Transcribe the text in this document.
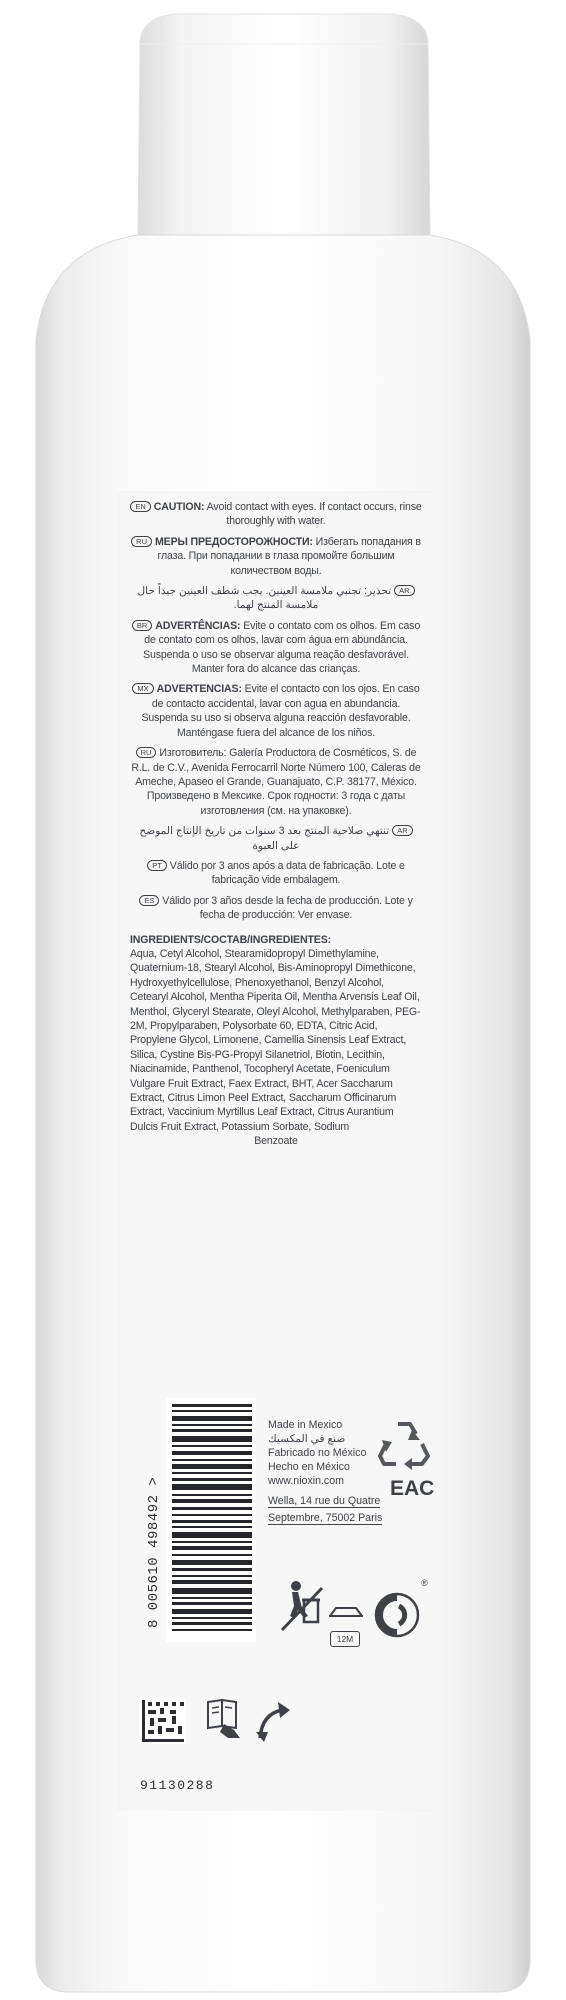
EN CAUTION: Avoid contact with eyes. If contact occurs, rinse thoroughly with water.

RU МЕРЫ ПРЕДОСТОРОЖНОСТИ: Избегать попадания в глаза. При попадании в глаза промойте большим количеством воды.

ARتحذير: تجنبي ملامسة العينين. يجب شطف العينين جيداً حال ملامسة المنتج لهما.

BR ADVERTÊNCIAS: Evite o contato com os olhos. Em caso de contato com os olhos, lavar com água em abundância. Suspenda o uso se observar alguma reação desfavorável. Manter fora do alcance das crianças.

MX ADVERTENCIAS: Evite el contacto con los ojos. En caso de contacto accidental, lavar con agua en abundancia. Suspenda su uso si observa alguna reacción desfavorable. Manténgase fuera del alcance de los niños.

RU Изготовитель: Galería Productora de Cosméticos, S. de R.L. de C.V., Avenida Ferrocarril Norte Número 100, Caleras de Ameche, Apaseo el Grande, Guanajuato, C.P. 38177, México. Произведено в Мексике. Срок годности: 3 года с даты изготовления (см. на упаковке).

ARتنتهي صلاحية المنتج بعد 3 سنوات من تاريخ الإنتاج الموضح على العبوة

PT Válido por 3 anos após a data de fabricação. Lote e fabricação vide embalagem.

ES Válido por 3 años desde la fecha de producción. Lote y fecha de producción: Ver envase.

INGREDIENTS/COCTAB/INGREDIENTES:
Aqua, Cetyl Alcohol, Stearamidopropyl Dimethylamine, Quaternium-18, Stearyl Alcohol, Bis-Aminopropyl Dimethicone, Hydroxyethylcellulose, Phenoxyethanol, Benzyl Alcohol, Cetearyl Alcohol, Mentha Piperita Oil, Mentha Arvensis Leaf Oil, Menthol, Glyceryl Stearate, Oleyl Alcohol, Methylparaben, PEG-2M, Propylparaben, Polysorbate 60, EDTA, Citric Acid, Propylene Glycol, Limonene, Camellia Sinensis Leaf Extract, Silica, Cystine Bis-PG-Propyl Silanetriol, Biotin, Lecithin, Niacinamide, Panthenol, Tocopheryl Acetate, Foeniculum Vulgare Fruit Extract, Faex Extract, BHT, Acer Saccharum Extract, Citrus Limon Peel Extract, Saccharum Officinarum Extract, Vaccinium Myrtillus Leaf Extract, Citrus Aurantium Dulcis Fruit Extract, Potassium Sorbate, Sodium
Benzoate
8 005610 498492 >
Made in Mexico
صنع في المكسيك
Fabricado no México
Hecho en México
www.nioxin.com
Wella, 14 rue du Quatre
Septembre, 75002 Paris
EAC
12M
®
91130288
